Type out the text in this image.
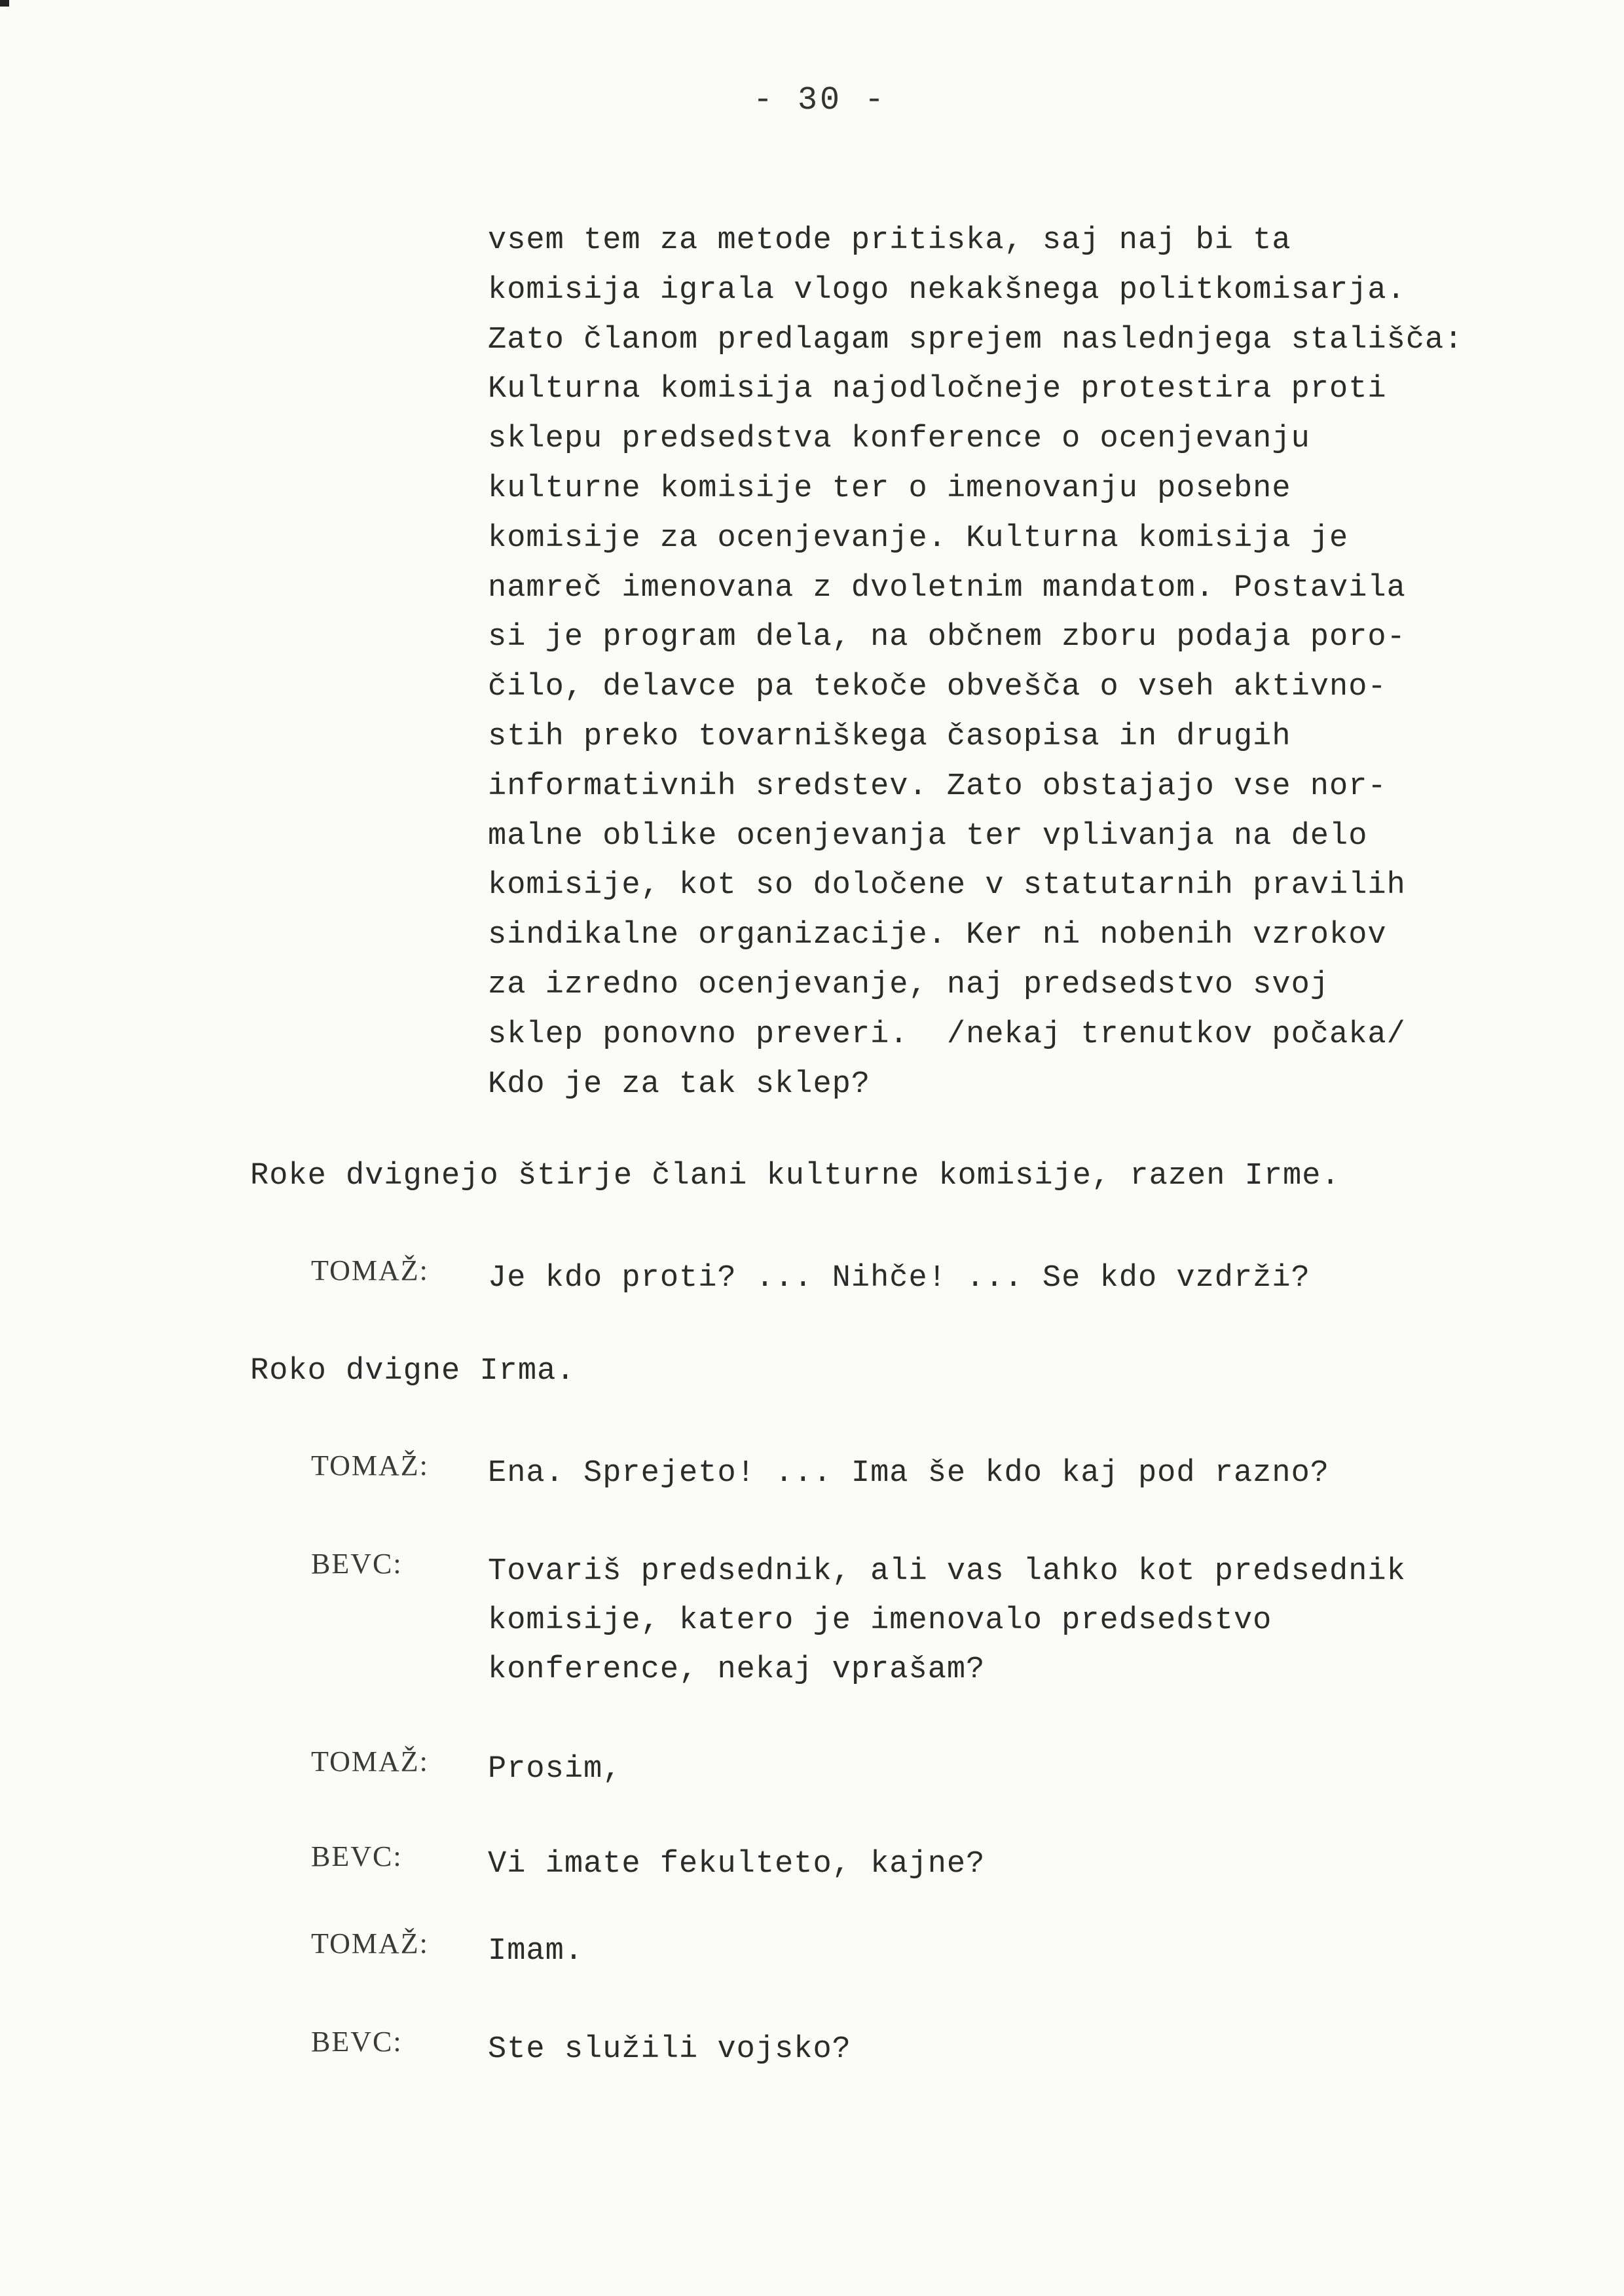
- 30 -
vsem tem za metode pritiska, saj naj bi ta
komisija igrala vlogo nekakšnega politkomisarja.
Zato članom predlagam sprejem naslednjega stališča:
Kulturna komisija najodločneje protestira proti
sklepu predsedstva konference o ocenjevanju
kulturne komisije ter o imenovanju posebne
komisije za ocenjevanje. Kulturna komisija je
namreč imenovana z dvoletnim mandatom. Postavila
si je program dela, na občnem zboru podaja poro-
čilo, delavce pa tekoče obvešča o vseh aktivno-
stih preko tovarniškega časopisa in drugih
informativnih sredstev. Zato obstajajo vse nor-
malne oblike ocenjevanja ter vplivanja na delo
komisije, kot so določene v statutarnih pravilih
sindikalne organizacije. Ker ni nobenih vzrokov
za izredno ocenjevanje, naj predsedstvo svoj
sklep ponovno preveri.  /nekaj trenutkov počaka/
Kdo je za tak sklep?
Roke dvignejo štirje člani kulturne komisije, razen Irme.
TOMAŽ: Je kdo proti? ... Nihče! ... Se kdo vzdrži?
Roko dvigne Irma.
TOMAŽ: Ena. Sprejeto! ... Ima še kdo kaj pod razno?
BEVC:	Tovariš predsednik, ali vas lahko kot predsednik
komisije, katero je imenovalo predsedstvo
konference, nekaj vprašam?
TOMAŽ: Prosim,
BEVC:	Vi imate fekulteto, kajne?
TOMAŽ: Imam.
BEVC:	Ste služili vojsko?
